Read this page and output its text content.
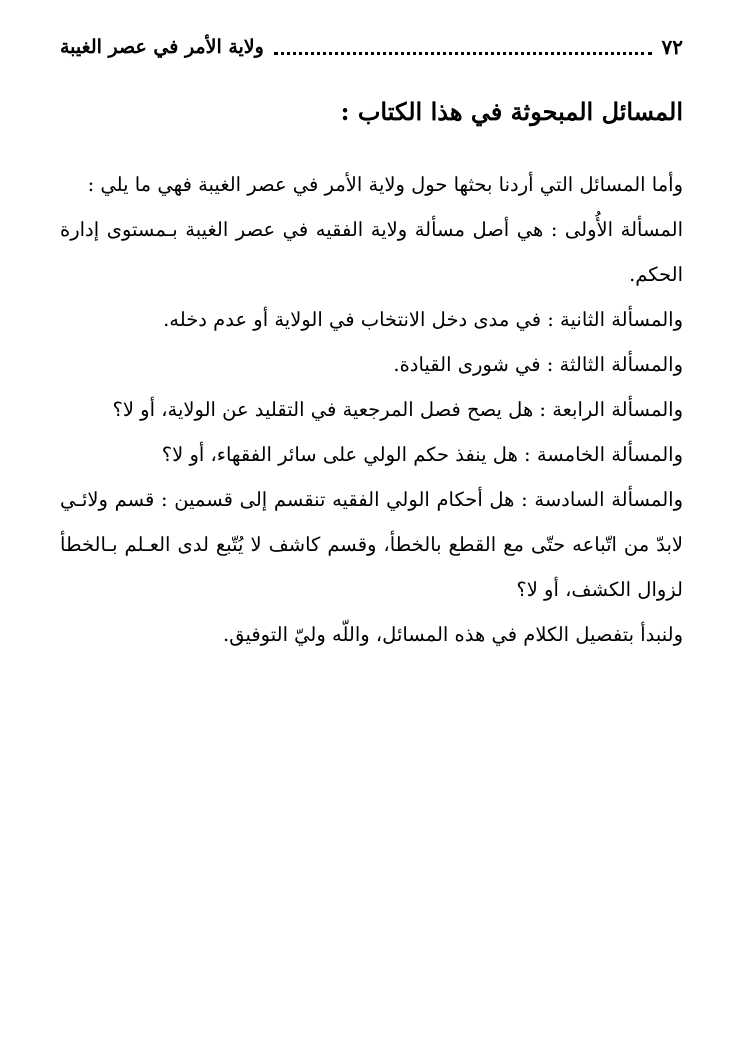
٧٢
ولاية الأمر في عصر الغيبة
المسائل المبحوثة في هذا الكتاب :

وأما المسائل التي أردنا بحثها حول ولاية الأمر في عصر الغيبة فهي ما يلي :

المسألة الأُولى : هي أصل مسألة ولاية الفقيه في عصر الغيبة بـمستوى إدارة الحكم.

والمسألة الثانية : في مدى دخل الانتخاب في الولاية أو عدم دخله.

والمسألة الثالثة : في شورى القيادة.

والمسألة الرابعة : هل يصح فصل المرجعية في التقليد عن الولاية، أو لا؟

والمسألة الخامسة : هل ينفذ حكم الولي على سائر الفقهاء، أو لا؟

والمسألة السادسة : هل أحكام الولي الفقيه تنقسم إلى قسمين : قسم ولائـي لابدّ من اتّباعه حتّى مع القطع بالخطأ، وقسم كاشف لا يُتّبع لدى العـلم بـالخطأ لزوال الكشف، أو لا؟

ولنبدأ بتفصيل الكلام في هذه المسائل، واللّه وليّ التوفيق.
